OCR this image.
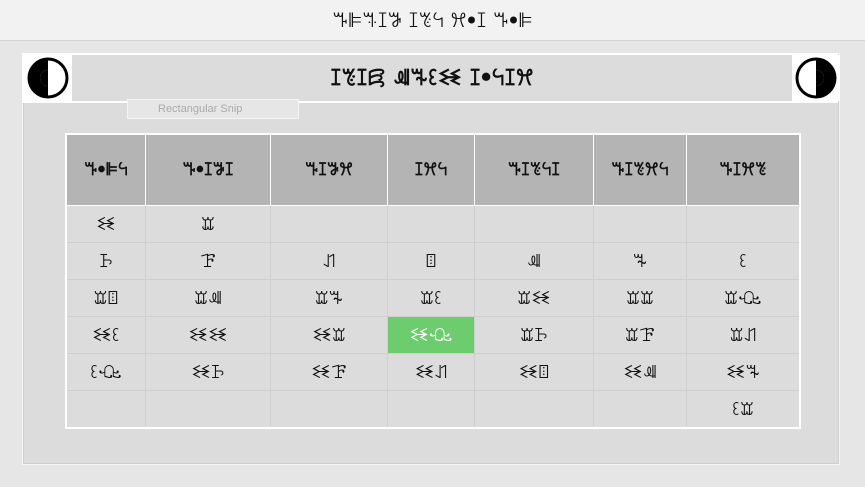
ꔒꕞꕐꕯꖃ ꕯꔳꕪ ꕮꔷꕯ ꔒꔷꕞ
ꕯꔳꕯꗛ ꘕꘔꘓꘒ ꕯꔷꕪꕯꕮ
Rectangular Snip
ꔒꔷꕞꕪ	ꔒꔷꕯꖃꕯ	ꔒꕯꖃꕮ	ꕯꕮꕪ	ꔒꕯꔳꕪꕯ	ꔒꕯꔳꕮꕪ	ꔒꕯꕮꔳ
ꘒ	ꘑ					
ꘙ	ꘘ	ꘗ	ꘖ	ꘕ	ꘔ	ꘓ
ꘑꘖ	ꘑꘕ	ꘑꘔ	ꘑꘓ	ꘑꘒ	ꘑꘑ	ꘑꘐ
ꘒꘓ	ꘒꘒ	ꘒꘑ	ꘒꘐ	ꘑꘙ	ꘑꘘ	ꘑꘗ
ꘓꘐ	ꘒꘙ	ꘒꘘ	ꘒꘗ	ꘒꘖ	ꘒꘕ	ꘒꘔ
						ꘓꘑ
